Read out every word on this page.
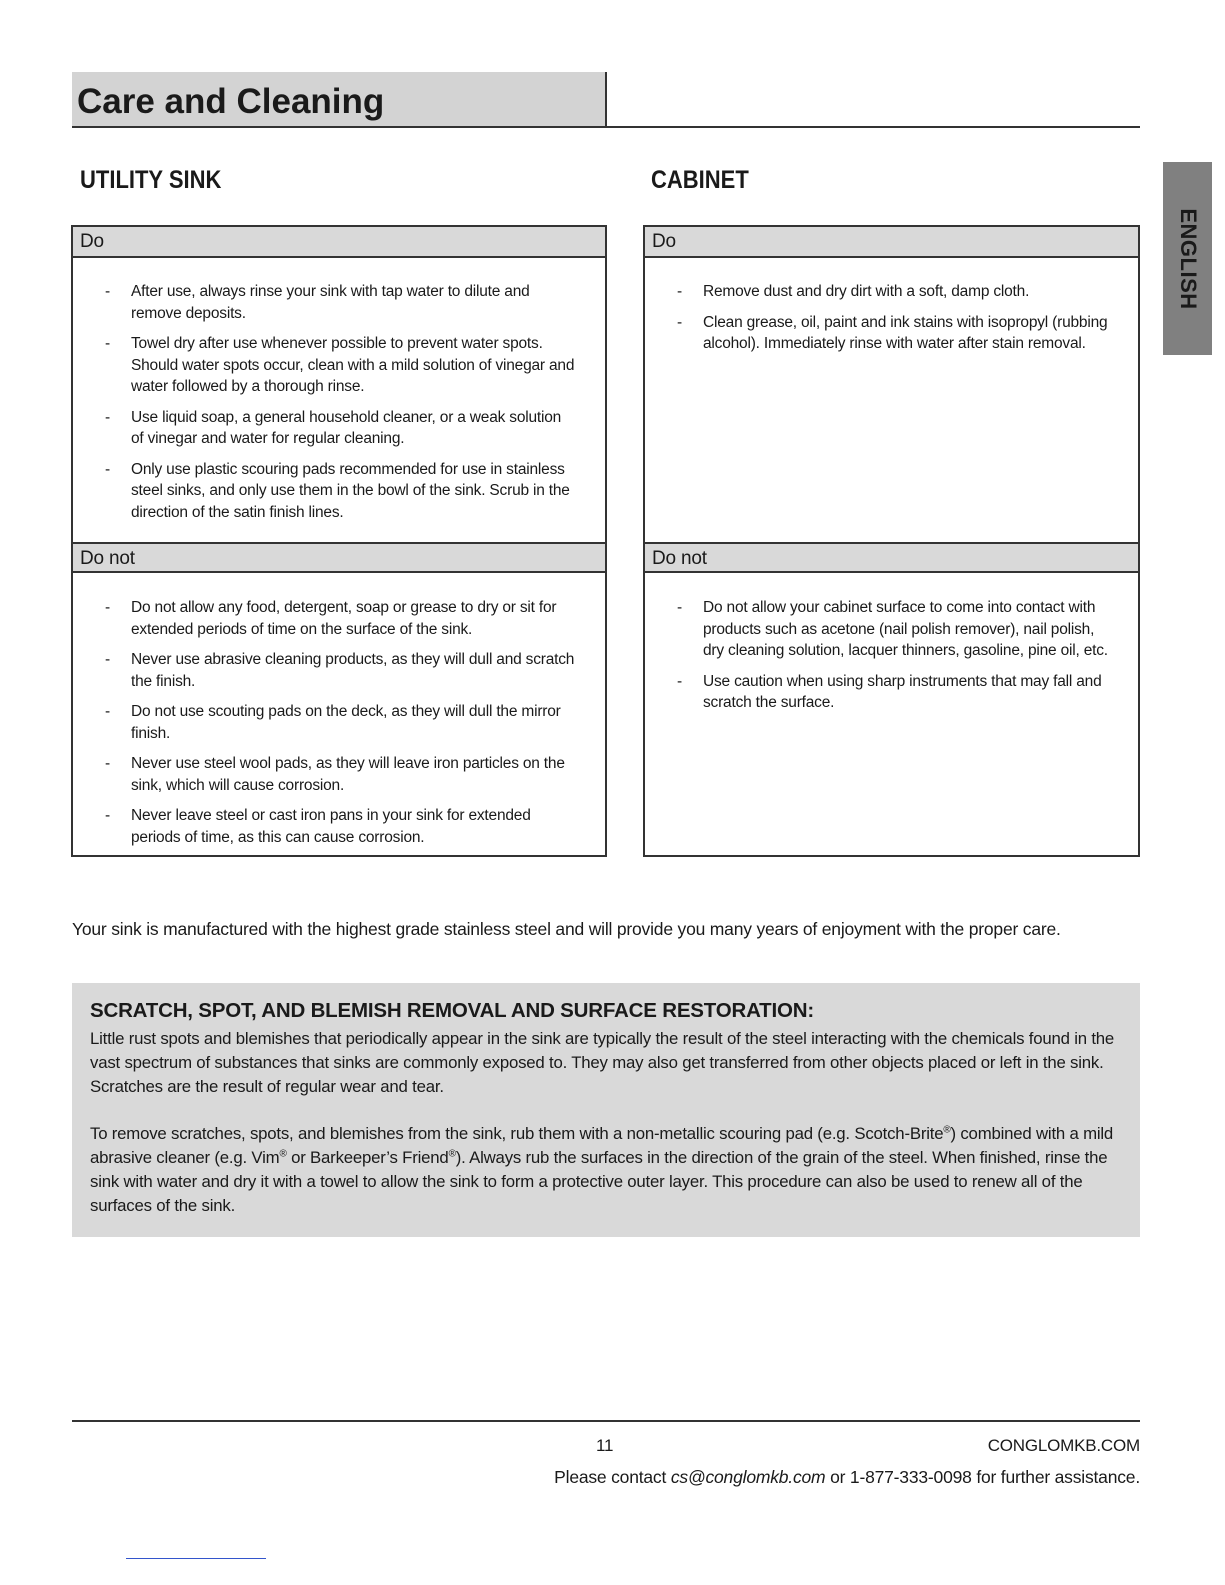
Care and Cleaning
ENGLISH
UTILITY SINK	CABINET
Do
- After use, always rinse your sink with tap water to dilute and remove deposits.
- Towel dry after use whenever possible to prevent water spots. Should water spots occur, clean with a mild solution of vinegar and water followed by a thorough rinse.
- Use liquid soap, a general household cleaner, or a weak solution of vinegar and water for regular cleaning.
- Only use plastic scouring pads recommended for use in stainless steel sinks, and only use them in the bowl of the sink. Scrub in the direction of the satin finish lines.
Do not
- Do not allow any food, detergent, soap or grease to dry or sit for extended periods of time on the surface of the sink.
- Never use abrasive cleaning products, as they will dull and scratch the finish.
- Do not use scouting pads on the deck, as they will dull the mirror finish.
- Never use steel wool pads, as they will leave iron particles on the sink, which will cause corrosion.
- Never leave steel or cast iron pans in your sink for extended periods of time, as this can cause corrosion.
Do
- Remove dust and dry dirt with a soft, damp cloth.
- Clean grease, oil, paint and ink stains with isopropyl (rubbing alcohol). Immediately rinse with water after stain removal.
Do not
- Do not allow your cabinet surface to come into contact with products such as acetone (nail polish remover), nail polish, dry cleaning solution, lacquer thinners, gasoline, pine oil, etc.
- Use caution when using sharp instruments that may fall and scratch the surface.

Your sink is manufactured with the highest grade stainless steel and will provide you many years of enjoyment with the proper care.

SCRATCH, SPOT, AND BLEMISH REMOVAL AND SURFACE RESTORATION:

Little rust spots and blemishes that periodically appear in the sink are typically the result of the steel interacting with the chemicals found in the vast spectrum of substances that sinks are commonly exposed to. They may also get transferred from other objects placed or left in the sink. Scratches are the result of regular wear and tear.

To remove scratches, spots, and blemishes from the sink, rub them with a non-metallic scouring pad (e.g. Scotch-Brite®) combined with a mild abrasive cleaner (e.g. Vim® or Barkeeper’s Friend®). Always rub the surfaces in the direction of the grain of the steel. When finished, rinse the sink with water and dry it with a towel to allow the sink to form a protective outer layer. This procedure can also be used to renew all of the surfaces of the sink.

11	CONGLOMKB.COM
Please contact cs@conglomkb.com or 1-877-333-0098 for further assistance.
